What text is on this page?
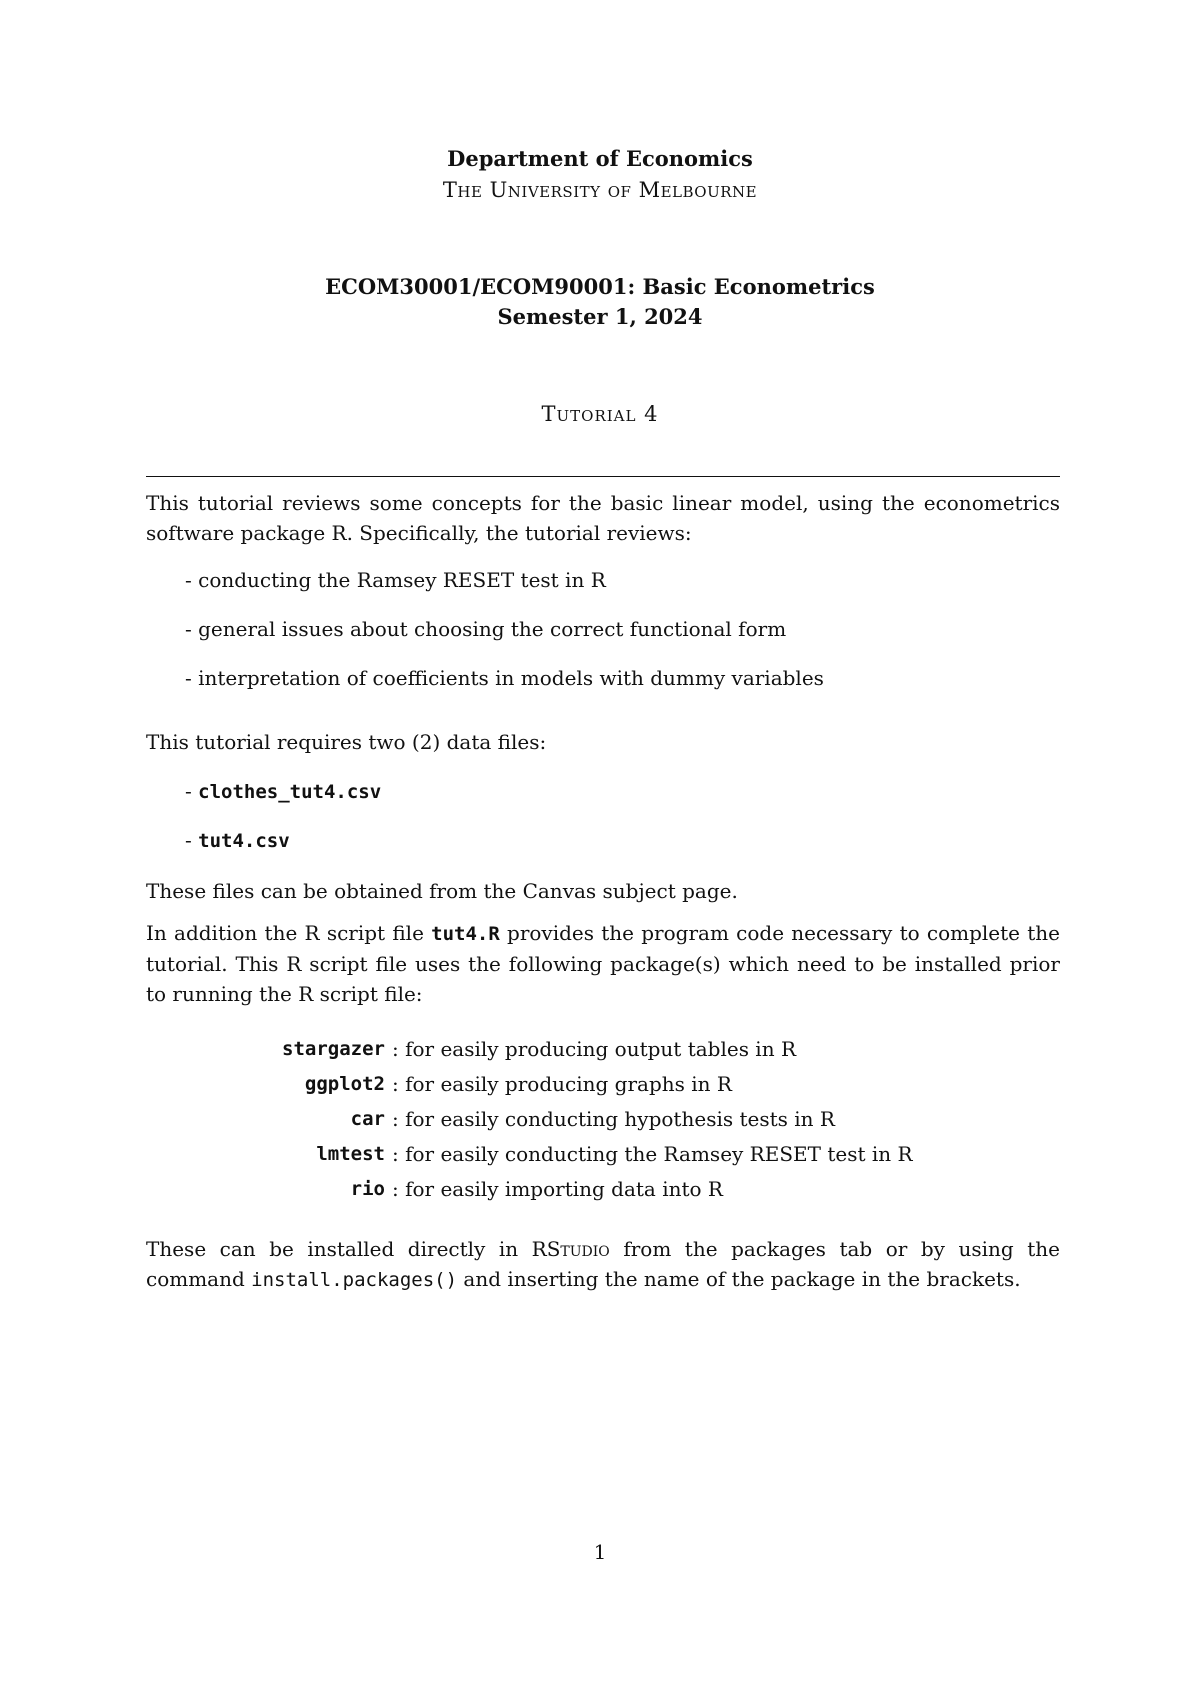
Department of Economics
The University of Melbourne
ECOM30001/ECOM90001: Basic Econometrics
Semester 1, 2024
Tutorial 4
This tutorial reviews some concepts for the basic linear model, using the econometrics software package R. Specifically, the tutorial reviews:
- conducting the Ramsey RESET test in R
- general issues about choosing the correct functional form
- interpretation of coefficients in models with dummy variables
This tutorial requires two (2) data files:
- clothes_tut4.csv
- tut4.csv
These files can be obtained from the Canvas subject page.
In addition the R script file tut4.R provides the program code necessary to complete the tutorial. This R script file uses the following package(s) which need to be installed prior to running the R script file:
stargazer : for easily producing output tables in R
ggplot2 : for easily producing graphs in R
car : for easily conducting hypothesis tests in R
lmtest : for easily conducting the Ramsey RESET test in R
rio : for easily importing data into R
These can be installed directly in RStudio from the packages tab or by using the command install.packages() and inserting the name of the package in the brackets.
1
